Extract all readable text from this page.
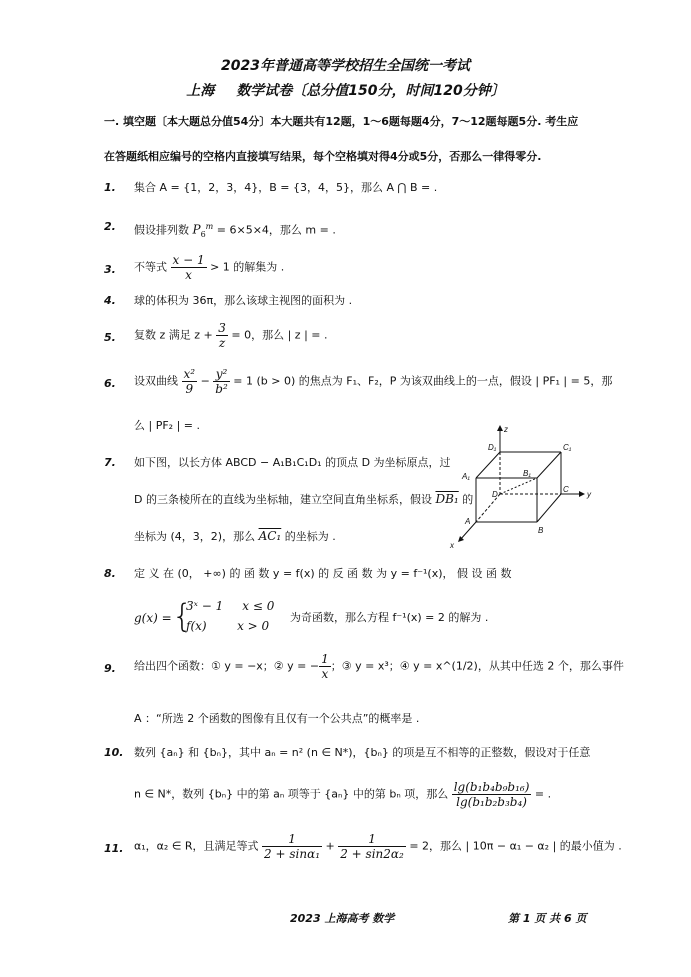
2023年普通高等学校招生全国统一考试
上海 数学试卷〔总分值150分，时间120分钟〕
一. 填空题〔本大题总分值54分〕本大题共有12题，1～6题每题4分，7～12题每题5分. 考生应
在答题纸相应编号的空格内直接填写结果，每个空格填对得4分或5分，否那么一律得零分.
1. 集合 A = {1，2，3，4}，B = {3，4，5}，那么 A ⋂ B = .
2. 假设排列数 $P_6^m = 6\times 5\times 4$，那么 m = .
3. 不等式 $\frac{x - 1}{x} > 1$ 的解集为 .
4. 球的体积为 36π，那么该球主视图的面积为 .
5. 复数 z 满足 $z + \frac{3}{z} = 0$，那么 | z | = .
6. 设双曲线 $\frac{\text{x²}}{9} - \frac{\text{y²}}{\text{b²}} = 1$ (b > 0) 的焦点为 F₁、F₂，P 为该双曲线上的一点，假设 | PF₁ | = 5，那
么 | PF₂ | = .
7. 如下图，以长方体 ABCD − A₁B₁C₁D₁ 的顶点 D 为坐标原点，过
D 的三条棱所在的直线为坐标轴，建立空间直角坐标系，假设 DB₁ 的
坐标为 (4，3，2)，那么 AC₁ 的坐标为 .
z
D₁	C₁
A₁	B₁
D
C
y
A
B
x
8. 定 义 在 (0， +∞) 的 函 数 y = f(x) 的 反 函 数 为 y = f⁻¹(x)， 假 设 函 数
g(x) = {
3ˣ − 1     x ≤ 0
f(x)        x > 0
为奇函数，那么方程 f⁻¹(x) = 2 的解为 .
9. 给出四个函数：① y = −x；② y = − $\frac{1}{x}$ ；③ y = x³；④ y = x^(1/2)，从其中任选 2 个，那么事件
A ：“所选 2 个函数的图像有且仅有一个公共点”的概率是 .
10. 数列 {aₙ} 和 {bₙ}，其中 aₙ = n² (n ∈ N*)，{bₙ} 的项是互不相等的正整数，假设对于任意
n ∈ N*，数列 {bₙ} 中的第 aₙ 项等于 {aₙ} 中的第 bₙ 项，那么 $\frac{\text{lg(b₁b₄b₉b₁₆)}}{\text{lg(b₁b₂b₃b₄)}}$ = .
11. α₁，α₂ ∈ R，且满足等式 $\frac{1}{\text{2 + sinα₁}} + \frac{1}{\text{2 + sin2α₂}} = 2$，那么 | 10π − α₁ − α₂ | 的最小值为 .
2023 上海高考 数学	第 1 页 共 6 页
